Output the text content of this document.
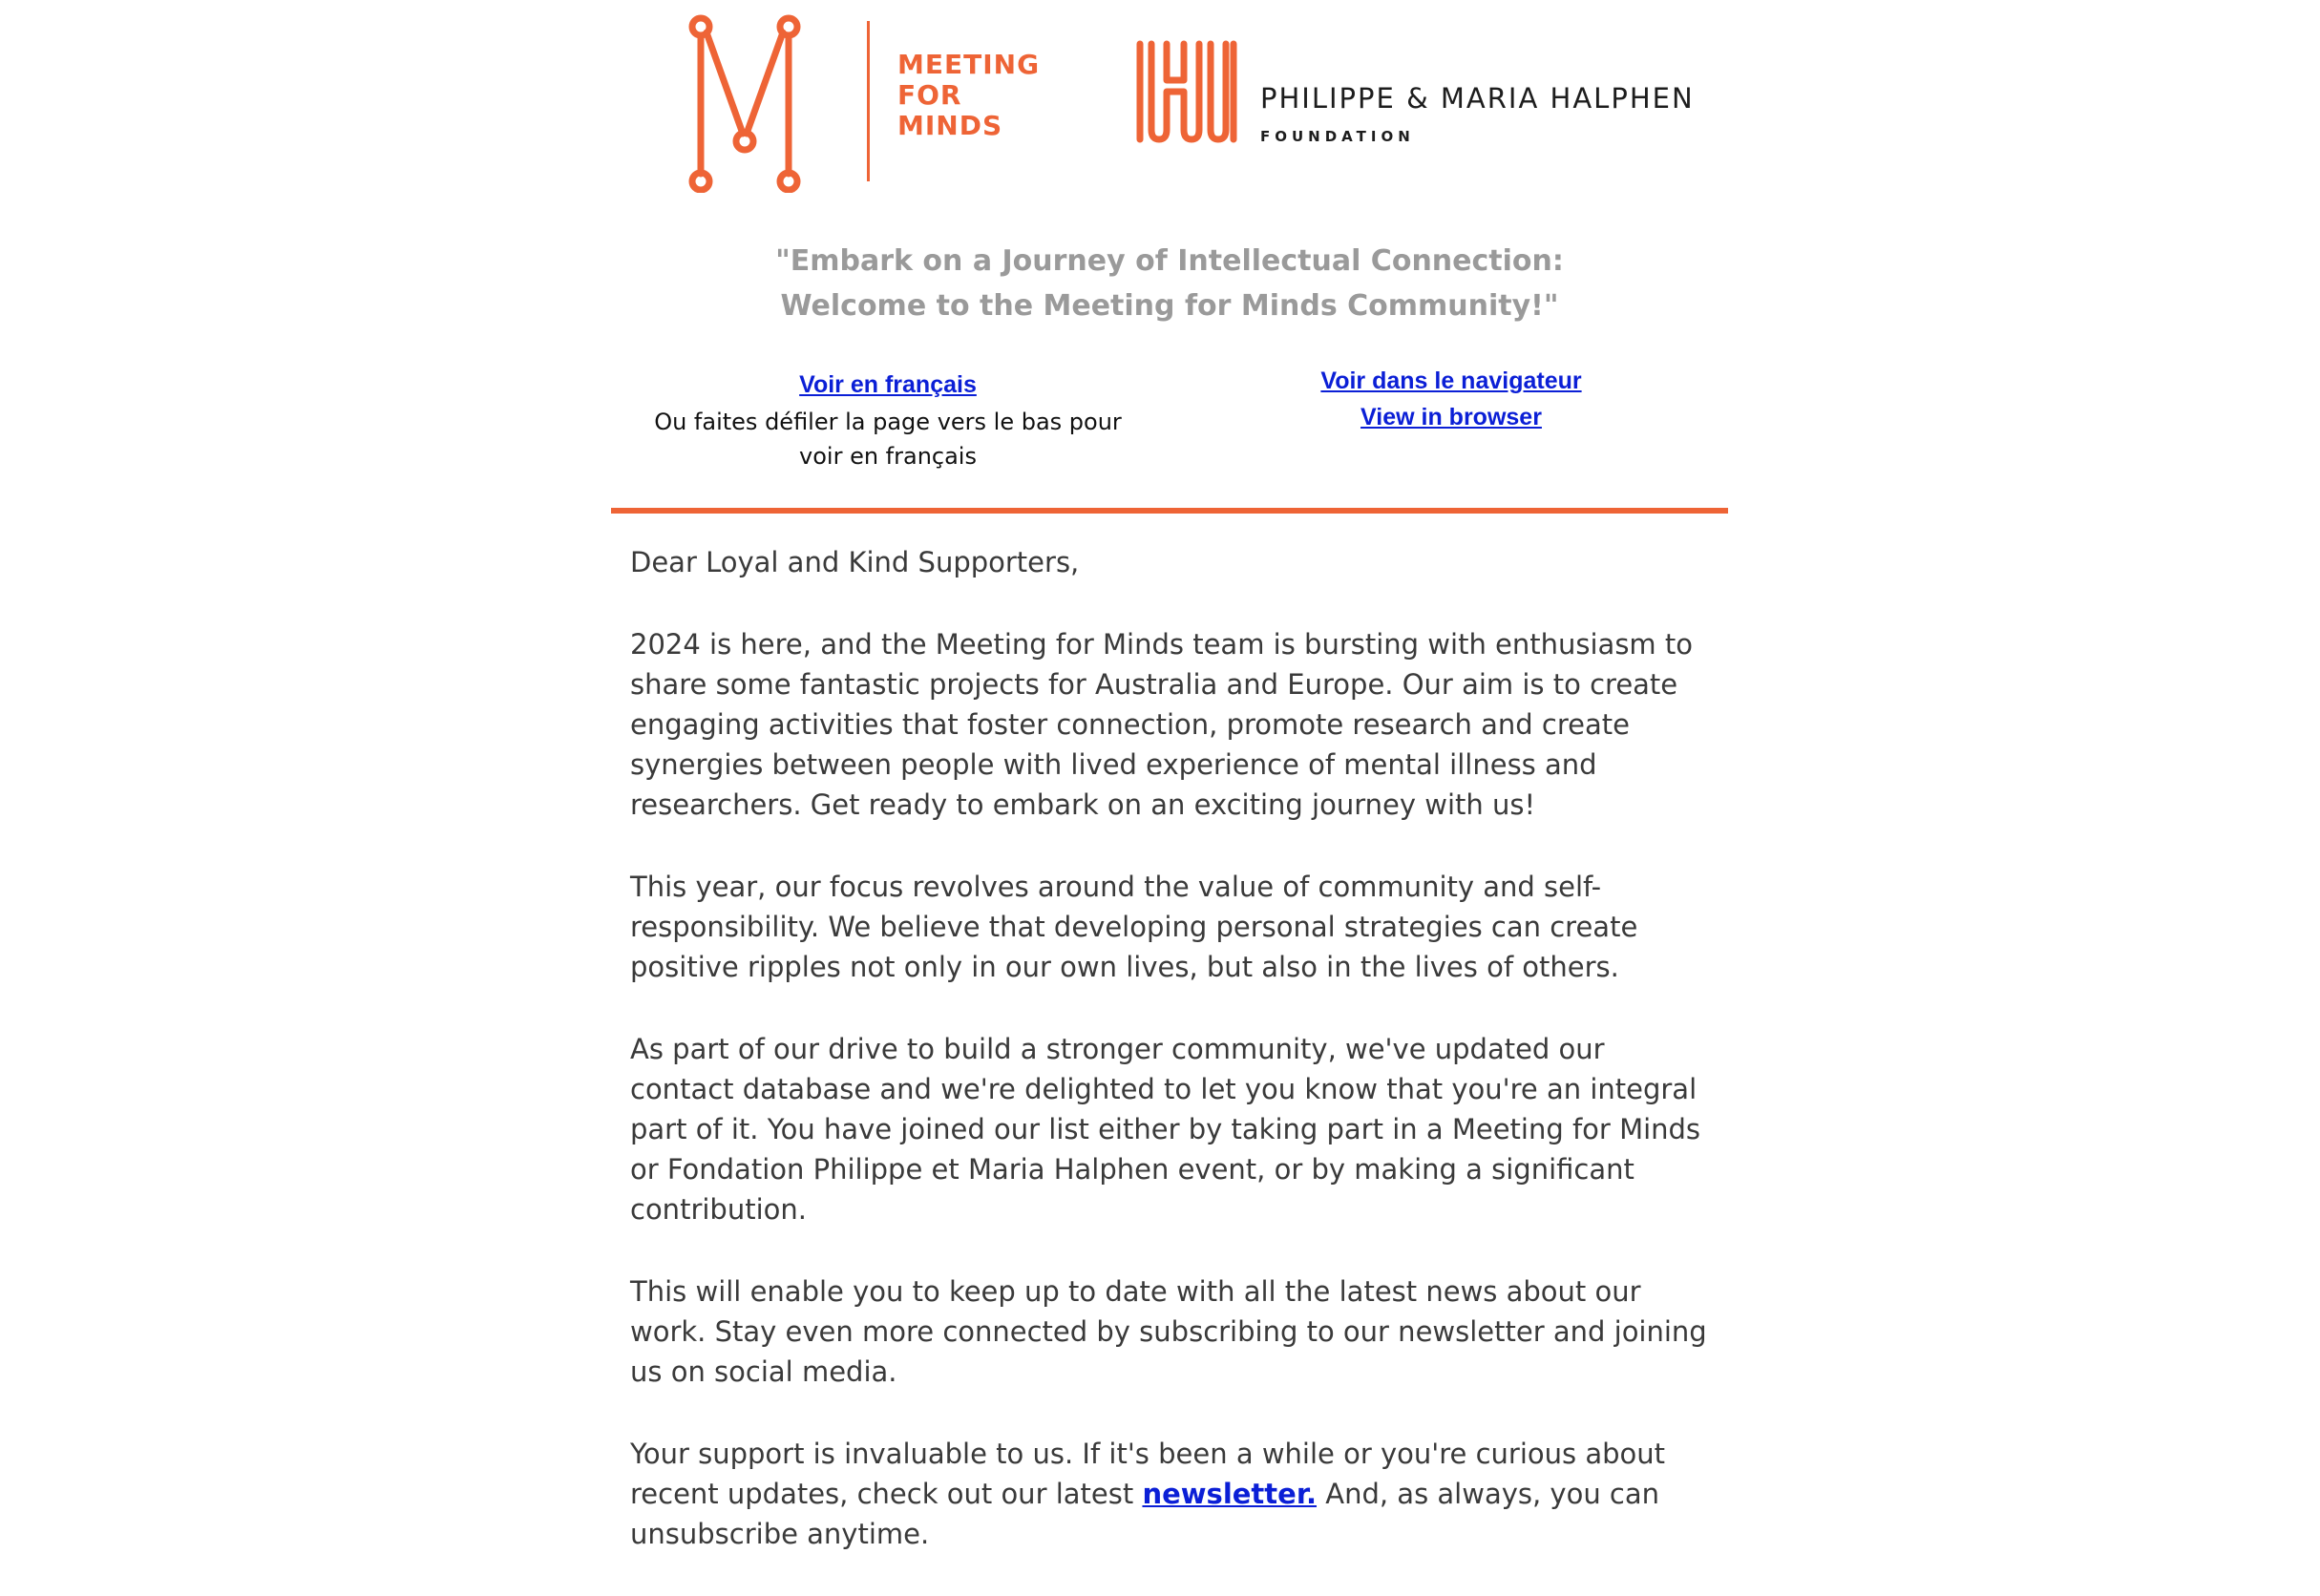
MEETING
FOR
MINDS
PHILIPPE & MARIA HALPHEN
FOUNDATION
"Embark on a Journey of Intellectual Connection:
Welcome to the Meeting for Minds Community!"
Voir en français
Ou faites défiler la page vers le bas pour voir en français
Voir dans le navigateur
View in browser

Dear Loyal and Kind Supporters,

2024 is here, and the Meeting for Minds team is bursting with enthusiasm to share some fantastic projects for Australia and Europe. Our aim is to create engaging activities that foster connection, promote research and create synergies between people with lived experience of mental illness and researchers. Get ready to embark on an exciting journey with us!

This year, our focus revolves around the value of community and self-responsibility. We believe that developing personal strategies can create positive ripples not only in our own lives, but also in the lives of others.

As part of our drive to build a stronger community, we've updated our contact database and we're delighted to let you know that you're an integral part of it. You have joined our list either by taking part in a Meeting for Minds or Fondation Philippe et Maria Halphen event, or by making a significant contribution.

This will enable you to keep up to date with all the latest news about our work. Stay even more connected by subscribing to our newsletter and joining us on social media.

Your support is invaluable to us. If it's been a while or you're curious about recent updates, check out our latest newsletter. And, as always, you can unsubscribe anytime.
